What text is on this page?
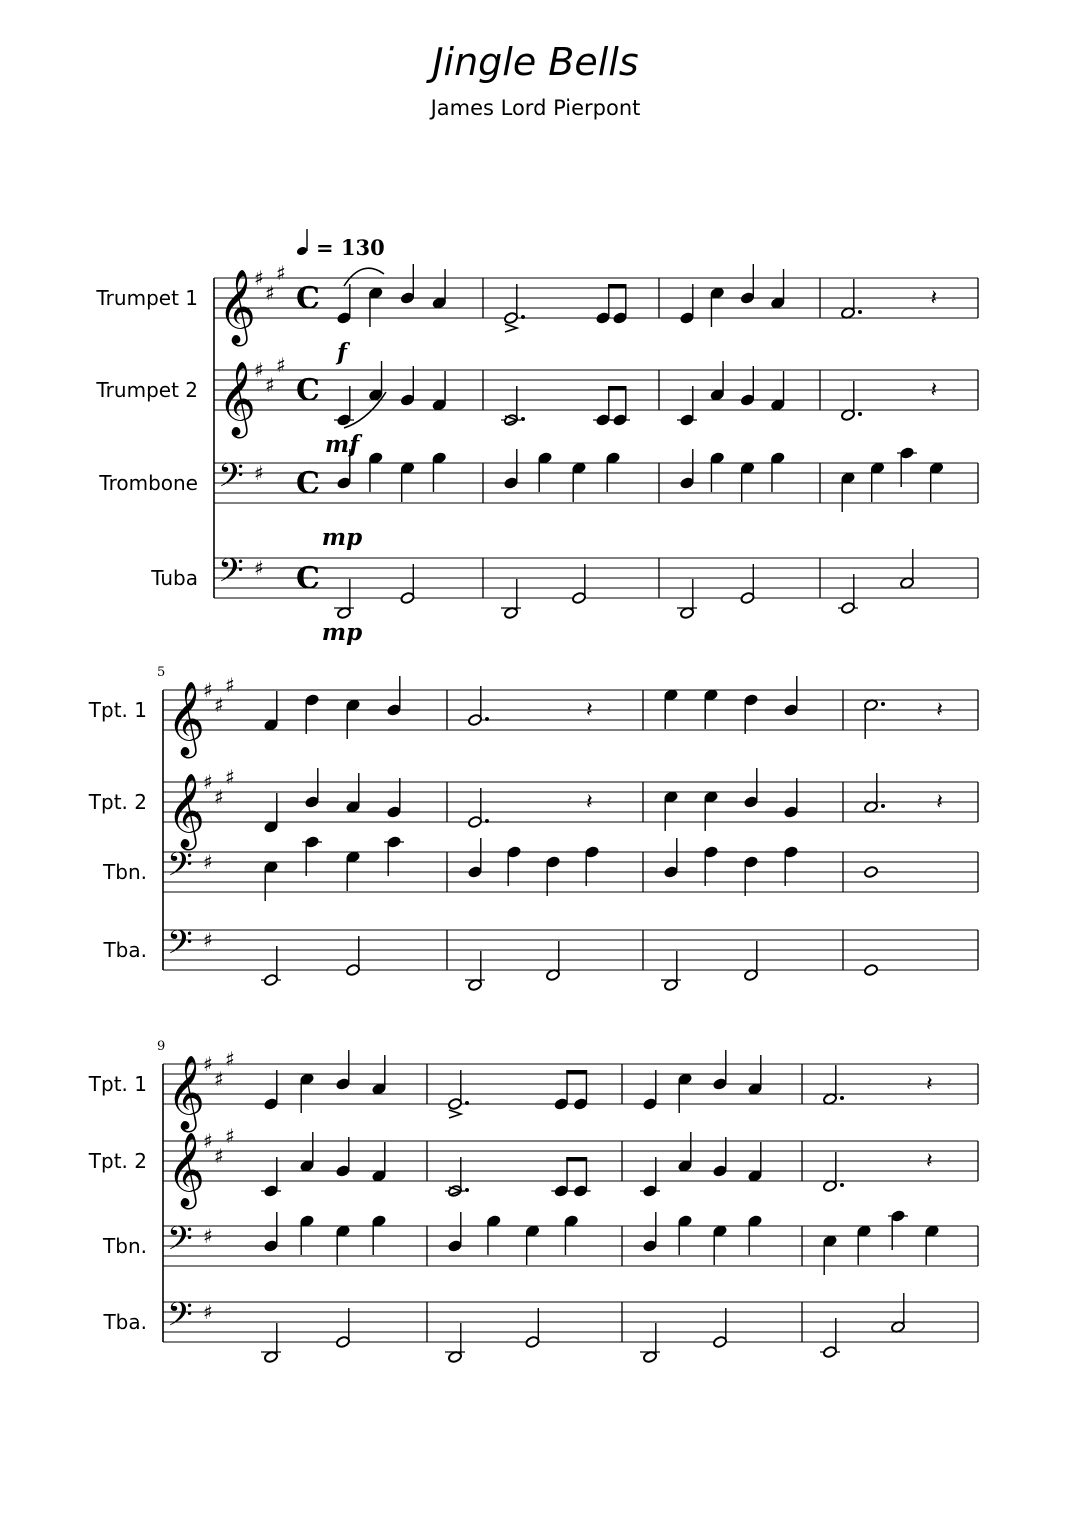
Jingle Bells
James Lord Pierpont
Trumpet 1 𝄞
♯
♯
♯
C	𝄽
f
Trumpet 2 𝄞
♯
♯
♯
C	𝄽
mf
Trombone 𝄢 ♯ C
mp
Tuba 𝄢 ♯ C
mp
5
Tpt. 1 𝄞
♯
♯
♯
𝄽	𝄽
Tpt. 2 𝄞
♯
♯
♯
𝄽	𝄽
Tbn. 𝄢 ♯
Tba. 𝄢 ♯
9
Tpt. 1 𝄞
♯
♯
♯
𝄽
Tpt. 2 𝄞
♯
♯
♯
𝄽
Tbn. 𝄢 ♯
Tba. 𝄢 ♯
= 130
